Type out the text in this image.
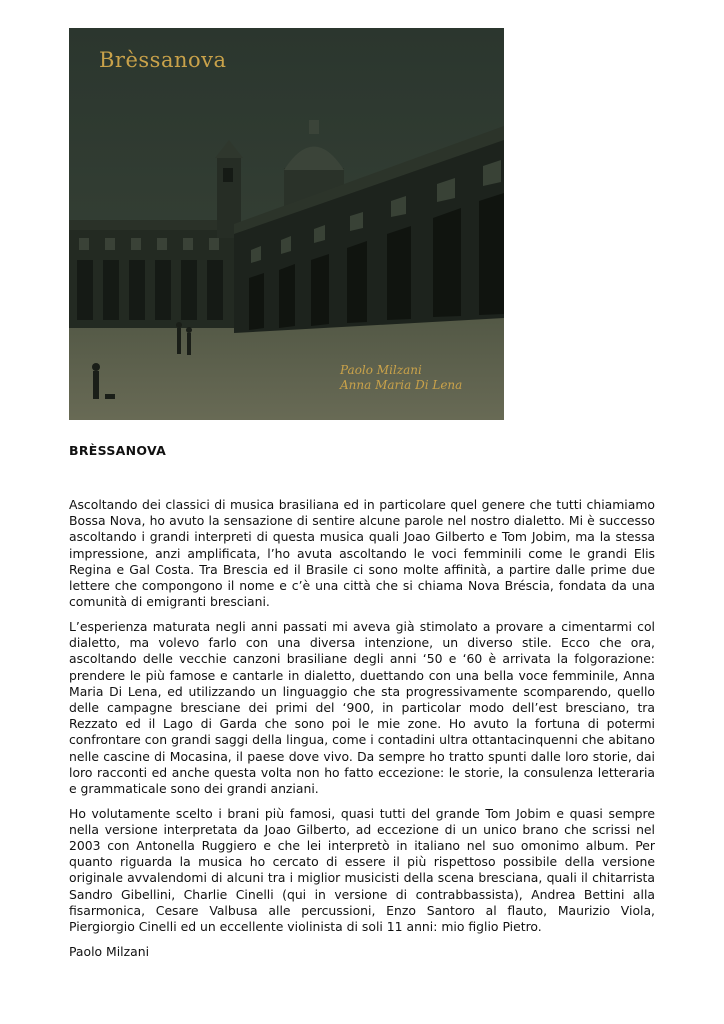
Brèssanova
Paolo Milzani
Anna Maria Di Lena
BRÈSSANOVA

Ascoltando dei classici di musica brasiliana ed in particolare quel genere che tutti chiamiamo Bossa Nova, ho avuto la sensazione di sentire alcune parole nel nostro dialetto. Mi è successo ascoltando i grandi interpreti di questa musica quali Joao Gilberto e Tom Jobim, ma la stessa impressione, anzi amplificata, l’ho avuta ascoltando le voci femminili come le grandi Elis Regina e Gal Costa. Tra Brescia ed il Brasile ci sono molte affinità, a partire dalle prime due lettere che compongono il nome e c’è una città che si chiama Nova Bréscia, fondata da una comunità di emigranti bresciani.

L’esperienza maturata negli anni passati mi aveva già stimolato a provare a cimentarmi col dialetto, ma volevo farlo con una diversa intenzione, un diverso stile. Ecco che ora, ascoltando delle vecchie canzoni brasiliane degli anni ‘50 e ‘60 è arrivata la folgorazione: prendere le più famose e cantarle in dialetto, duettando con una bella voce femminile, Anna Maria Di Lena, ed utilizzando un linguaggio che sta progressivamente scomparendo, quello delle campagne bresciane dei primi del ‘900, in particolar modo dell’est bresciano, tra Rezzato ed il Lago di Garda che sono poi le mie zone. Ho avuto la fortuna di potermi confrontare con grandi saggi della lingua, come i contadini ultra ottantacinquenni che abitano nelle cascine di Mocasina, il paese dove vivo. Da sempre ho tratto spunti dalle loro storie, dai loro racconti ed anche questa volta non ho fatto eccezione: le storie, la consulenza letteraria e grammaticale sono dei grandi anziani.

Ho volutamente scelto i brani più famosi, quasi tutti del grande Tom Jobim e quasi sempre nella versione interpretata da Joao Gilberto, ad eccezione di un unico brano che scrissi nel 2003 con Antonella Ruggiero e che lei interpretò in italiano nel suo omonimo album. Per quanto riguarda la musica ho cercato di essere il più rispettoso possibile della versione originale avvalendomi di alcuni tra i miglior musicisti della scena bresciana, quali il chitarrista Sandro Gibellini, Charlie Cinelli (qui in versione di contrabbassista), Andrea Bettini alla fisarmonica, Cesare Valbusa alle percussioni, Enzo Santoro al flauto, Maurizio Viola, Piergiorgio Cinelli ed un eccellente violinista di soli 11 anni: mio figlio Pietro.

Paolo Milzani
